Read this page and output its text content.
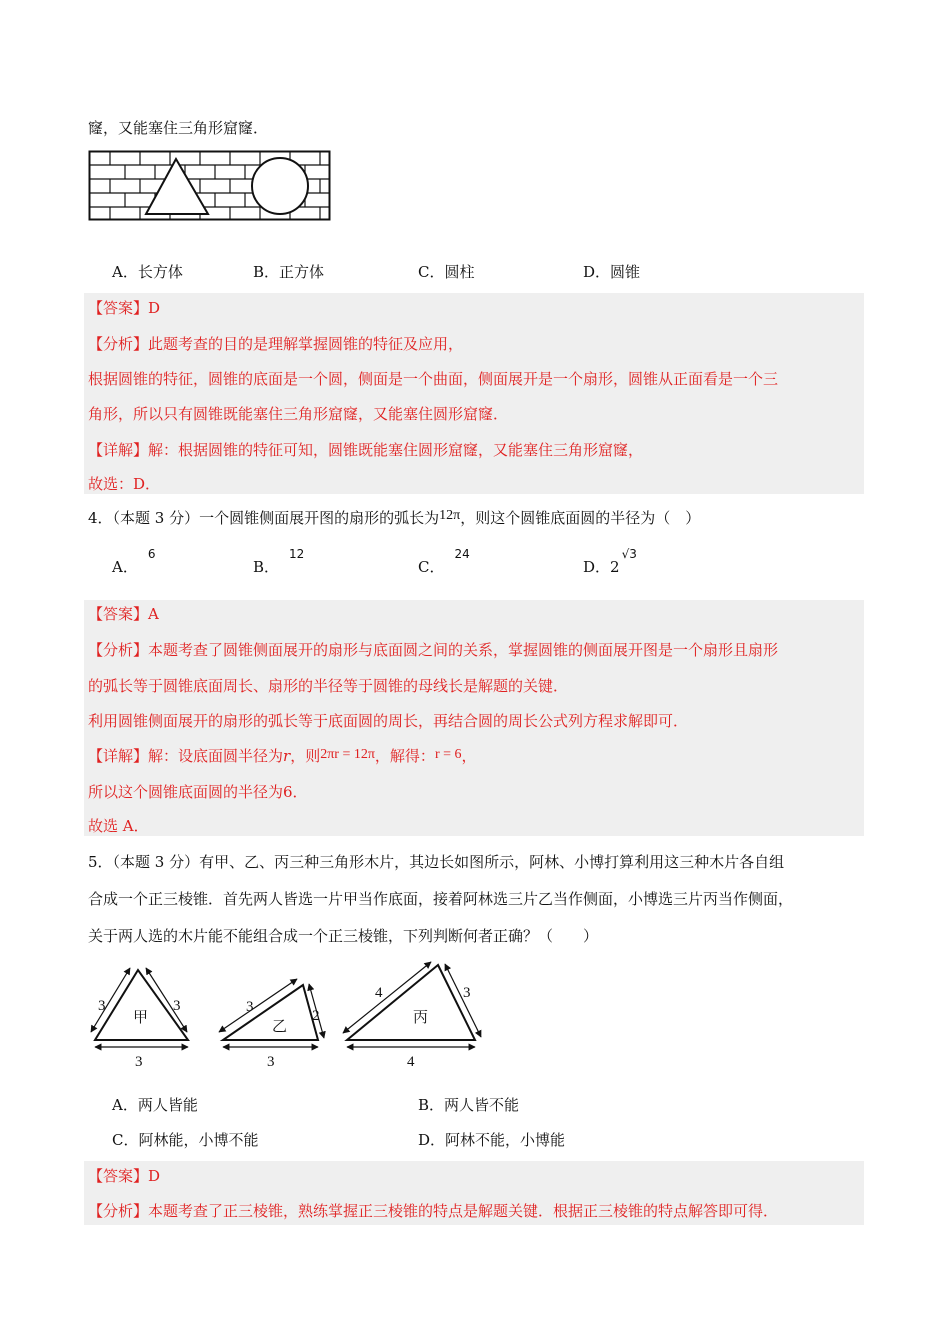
窿，又能塞住三角形窟窿．
A．长方体	B．正方体	C．圆柱	D．圆锥
【答案】D
【分析】此题考查的目的是理解掌握圆锥的特征及应用，
根据圆锥的特征，圆锥的底面是一个圆，侧面是一个曲面，侧面展开是一个扇形，圆锥从正面看是一个三
角形，所以只有圆锥既能塞住三角形窟窿，又能塞住圆形窟窿．
【详解】解：根据圆锥的特征可知，圆锥既能塞住圆形窟窿，又能塞住三角形窟窿，
故选：D．
4．（本题 3 分）一个圆锥侧面展开图的扇形的弧长为12π，则这个圆锥底面圆的半径为（　）
A．$^6$
B．$^{12}$
C．$^{24}$
D．$2^{√3}$
【答案】A
【分析】本题考查了圆锥侧面展开的扇形与底面圆之间的关系，掌握圆锥的侧面展开图是一个扇形且扇形
的弧长等于圆锥底面周长、扇形的半径等于圆锥的母线长是解题的关键．
利用圆锥侧面展开的扇形的弧长等于底面圆的周长，再结合圆的周长公式列方程求解即可．
【详解】解：设底面圆半径为r，则2πr = 12π，解得：r = 6，
所以这个圆锥底面圆的半径为6．
故选 A．
5．（本题 3 分）有甲、乙、丙三种三角形木片，其边长如图所示，阿林、小博打算利用这三种木片各自组
合成一个正三棱锥．首先两人皆选一片甲当作底面，接着阿林选三片乙当作侧面，小博选三片丙当作侧面，
关于两人选的木片能不能组合成一个正三棱锥，下列判断何者正确？（　　）
3	3
3
甲
3
2
3
乙
4	3
4
丙
A．两人皆能	B．两人皆不能
C．阿林能，小博不能	D．阿林不能，小博能
【答案】D
【分析】本题考查了正三棱锥，熟练掌握正三棱锥的特点是解题关键．根据正三棱锥的特点解答即可得．
